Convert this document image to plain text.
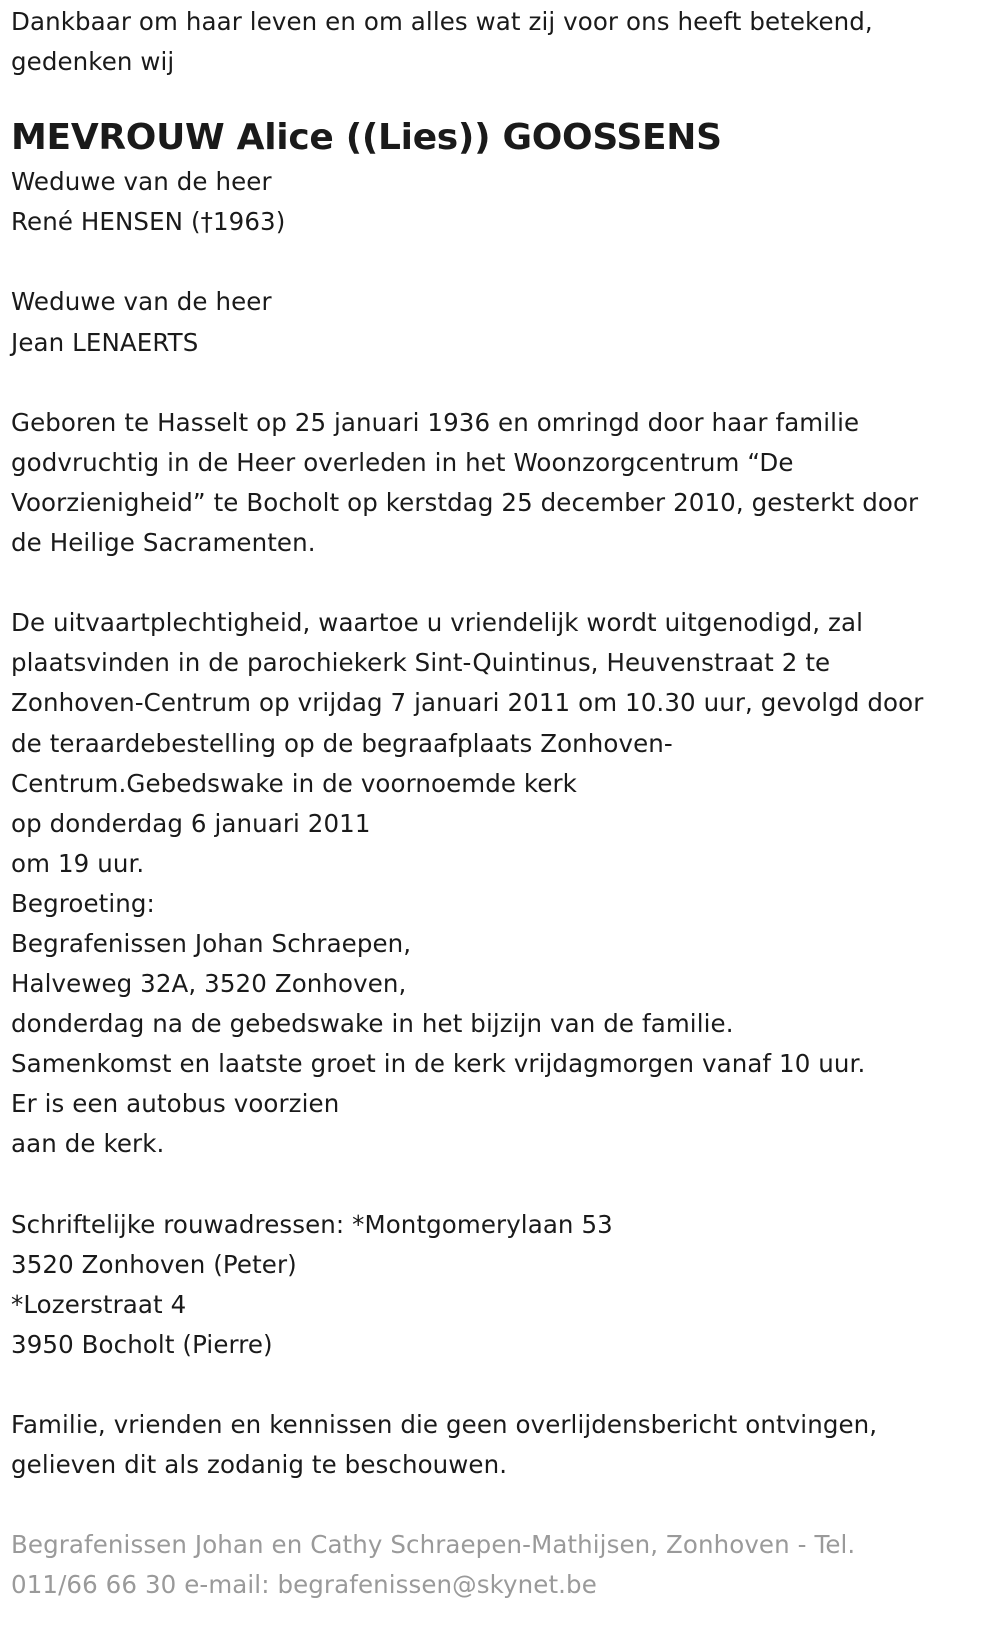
Dankbaar om haar leven en om alles wat zij voor ons heeft betekend,
gedenken wij
MEVROUW Alice ((Lies)) GOOSSENS
Weduwe van de heer
René HENSEN (†1963)
Weduwe van de heer
Jean LENAERTS
Geboren te Hasselt op 25 januari 1936 en omringd door haar familie
godvruchtig in de Heer overleden in het Woonzorgcentrum “De
Voorzienigheid” te Bocholt op kerstdag 25 december 2010, gesterkt door
de Heilige Sacramenten.
De uitvaartplechtigheid, waartoe u vriendelijk wordt uitgenodigd, zal
plaatsvinden in de parochiekerk Sint-Quintinus, Heuvenstraat 2 te
Zonhoven-Centrum op vrijdag 7 januari 2011 om 10.30 uur, gevolgd door
de teraardebestelling op de begraafplaats Zonhoven-
Centrum.Gebedswake in de voornoemde kerk
op donderdag 6 januari 2011
om 19 uur.
Begroeting:
Begrafenissen Johan Schraepen,
Halveweg 32A, 3520 Zonhoven,
donderdag na de gebedswake in het bijzijn van de familie.
Samenkomst en laatste groet in de kerk vrijdagmorgen vanaf 10 uur.
Er is een autobus voorzien
aan de kerk.
Schriftelijke rouwadressen: *Montgomerylaan 53
3520 Zonhoven (Peter)
*Lozerstraat 4
3950 Bocholt (Pierre)
Familie, vrienden en kennissen die geen overlijdensbericht ontvingen,
gelieven dit als zodanig te beschouwen.
Begrafenissen Johan en Cathy Schraepen-Mathijsen, Zonhoven - Tel.
011/66 66 30 e-mail: begrafenissen@skynet.be
